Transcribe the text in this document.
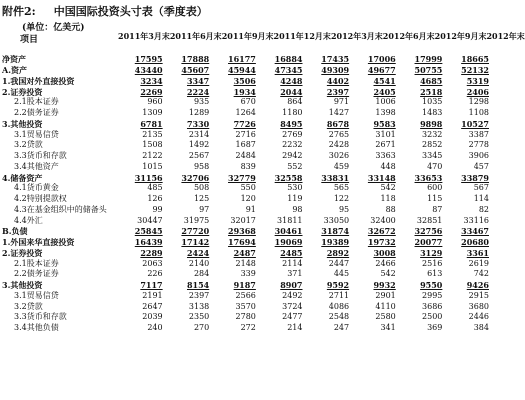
附件2: 中国国际投资头寸表（季度表）
(单位：亿美元)
项目	2011年3月末 2011年6月末 2011年9月末 2011年12月末 2012年3月末 2012年6月末 2012年9月末 2012年末
净资产	17595	17888	16177	16884	17435	17006	17999	18665
A.资产	43440	45607	45944	47345	49309	49677	50755	52132
1.我国对外直接投资	3234	3347	3506	4248	4402	4541	4685	5319
2.证券投资	2269	2224	1934	2044	2397	2405	2518	2406
2.1股本证券	960	935	670	864	971	1006	1035	1298
2.2债务证券	1309	1289	1264	1180	1427	1398	1483	1108
3.其他投资	6781	7330	7726	8495	8678	9583	9898	10527
3.1贸易信贷	2135	2314	2716	2769	2765	3101	3232	3387
3.2贷款	1508	1492	1687	2232	2428	2671	2852	2778
3.3货币和存款	2122	2567	2484	2942	3026	3363	3345	3906
3.4其他资产	1015	958	839	552	459	448	470	457
4.储备资产	31156	32706	32779	32558	33831	33148	33653	33879
4.1货币黄金	485	508	550	530	565	542	600	567
4.2特别提款权	126	125	120	119	122	118	115	114
4.3在基金组织中的储备头	99	97	91	98	95	88	87	82
4.4外汇	30447	31975	32017	31811	33050	32400	32851	33116
B.负债	25845	27720	29368	30461	31874	32672	32756	33467
1.外国来华直接投资	16439	17142	17694	19069	19389	19732	20077	20680
2.证券投资	2289	2424	2487	2485	2892	3008	3129	3361
2.1股本证券	2063	2140	2148	2114	2447	2466	2516	2619
2.2债务证券	226	284	339	371	445	542	613	742
3.其他投资	7117	8154	9187	8907	9592	9932	9550	9426
3.1贸易信贷	2191	2397	2566	2492	2711	2901	2995	2915
3.2贷款	2647	3138	3570	3724	4086	4110	3686	3680
3.3货币和存款	2039	2350	2780	2477	2548	2580	2500	2446
3.4其他负债	240	270	272	214	247	341	369	384
